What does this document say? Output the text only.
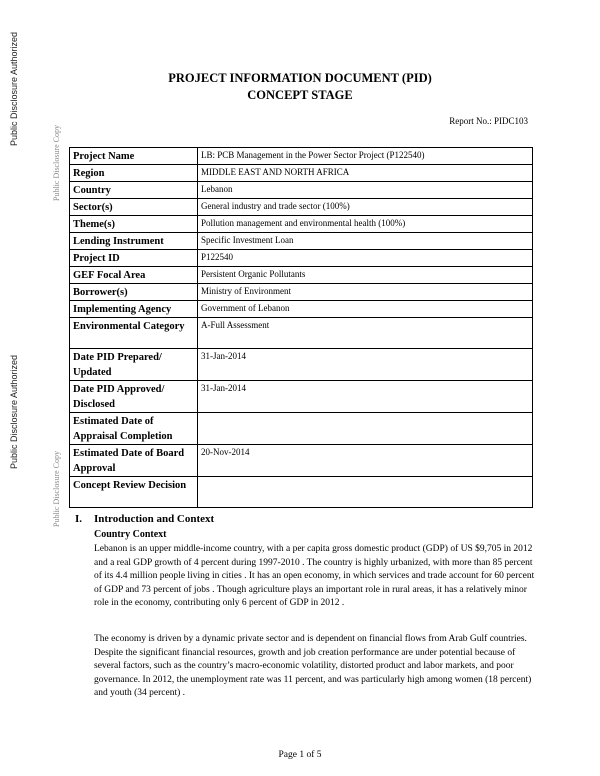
Public Disclosure Authorized
Public Disclosure Copy
Public Disclosure Authorized
Public Disclosure Copy
PROJECT INFORMATION DOCUMENT (PID)
CONCEPT STAGE
Report No.: PIDC103
Project Name	LB: PCB Management in the Power Sector Project (P122540)
Region	MIDDLE EAST AND NORTH AFRICA
Country	Lebanon
Sector(s)	General industry and trade sector (100%)
Theme(s)	Pollution management and environmental health (100%)
Lending Instrument	Specific Investment Loan
Project ID	P122540
GEF Focal Area	Persistent Organic Pollutants
Borrower(s)	Ministry of Environment
Implementing Agency	Government of Lebanon
Environmental Category	A-Full Assessment
Date PID Prepared/ Updated	31-Jan-2014
Date PID Approved/ Disclosed	31-Jan-2014
Estimated Date of Appraisal Completion	
Estimated Date of Board Approval	20-Nov-2014
Concept Review Decision	
I. Introduction and Context
Country Context
Lebanon is an upper middle-income country, with a per capita gross domestic product (GDP) of US $9,705 in 2012 and a real GDP growth of 4 percent during 1997-2010 . The country is highly urbanized, with more than 85 percent of its 4.4 million people living in cities . It has an open economy, in which services and trade account for 60 percent of GDP and 73 percent of jobs . Though agriculture plays an important role in rural areas, it has a relatively minor role in the economy, contributing only 6 percent of GDP in 2012 .
The economy is driven by a dynamic private sector and is dependent on financial flows from Arab Gulf countries. Despite the significant financial resources, growth and job creation performance are under potential because of several factors, such as the country’s macro-economic volatility, distorted product and labor markets, and poor governance. In 2012, the unemployment rate was 11 percent, and was particularly high among women (18 percent) and youth (34 percent) .
Page 1 of 5
